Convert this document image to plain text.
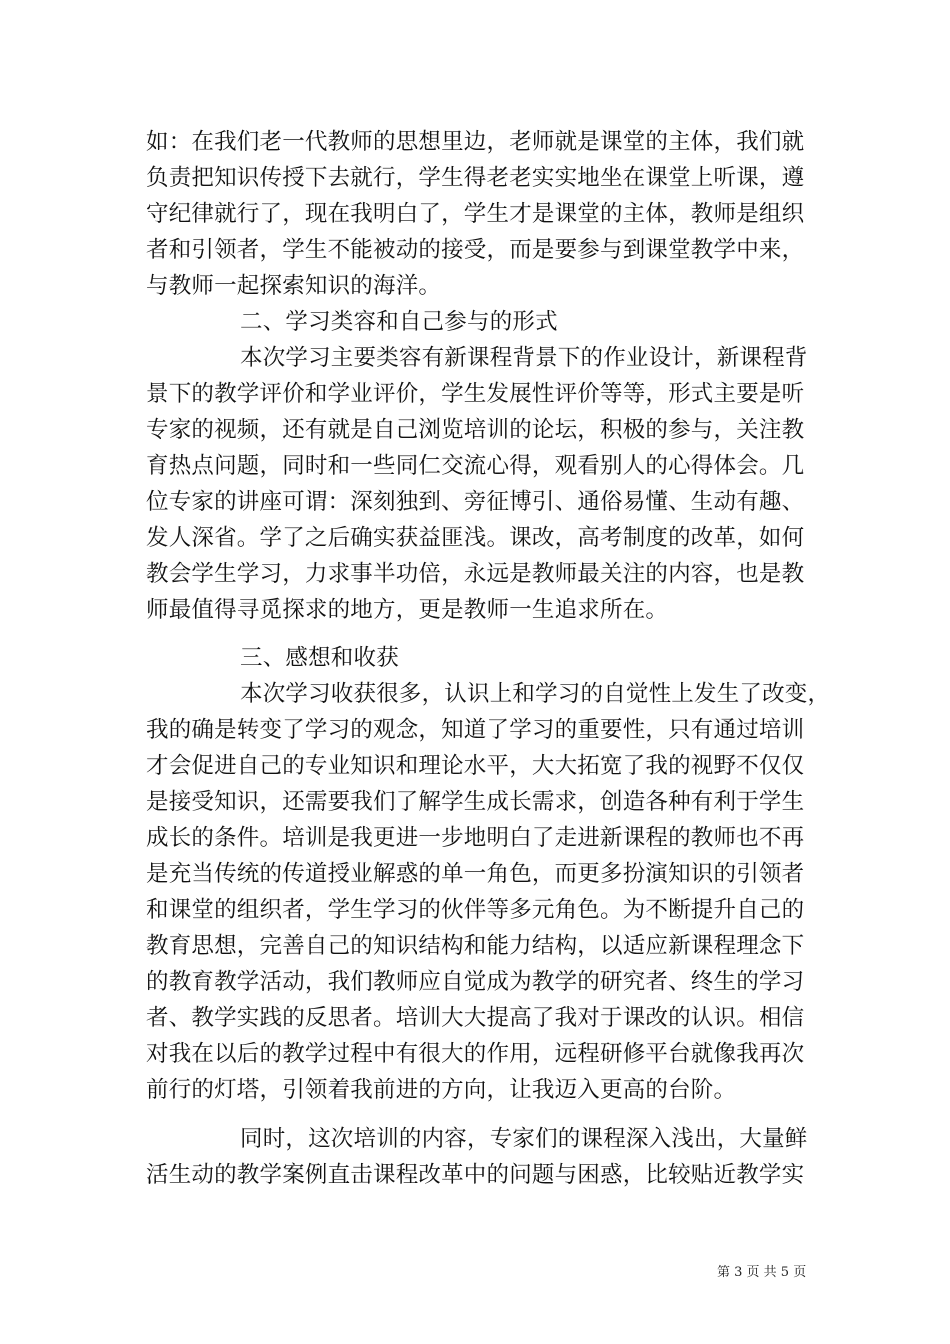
如：在我们老一代教师的思想里边，老师就是课堂的主体，我们就
负责把知识传授下去就行，学生得老老实实地坐在课堂上听课，遵
守纪律就行了，现在我明白了，学生才是课堂的主体，教师是组织
者和引领者，学生不能被动的接受，而是要参与到课堂教学中来，
与教师一起探索知识的海洋。
二、学习类容和自己参与的形式
本次学习主要类容有新课程背景下的作业设计，新课程背
景下的教学评价和学业评价，学生发展性评价等等，形式主要是听
专家的视频，还有就是自己浏览培训的论坛，积极的参与，关注教
育热点问题，同时和一些同仁交流心得，观看别人的心得体会。几
位专家的讲座可谓：深刻独到、旁征博引、通俗易懂、生动有趣、
发人深省。学了之后确实获益匪浅。课改，高考制度的改革，如何
教会学生学习，力求事半功倍，永远是教师最关注的内容，也是教
师最值得寻觅探求的地方，更是教师一生追求所在。
三、感想和收获
本次学习收获很多，认识上和学习的自觉性上发生了改变，
我的确是转变了学习的观念，知道了学习的重要性，只有通过培训
才会促进自己的专业知识和理论水平，大大拓宽了我的视野不仅仅
是接受知识，还需要我们了解学生成长需求，创造各种有利于学生
成长的条件。培训是我更进一步地明白了走进新课程的教师也不再
是充当传统的传道授业解惑的单一角色，而更多扮演知识的引领者
和课堂的组织者，学生学习的伙伴等多元角色。为不断提升自己的
教育思想，完善自己的知识结构和能力结构，以适应新课程理念下
的教育教学活动，我们教师应自觉成为教学的研究者、终生的学习
者、教学实践的反思者。培训大大提高了我对于课改的认识。相信
对我在以后的教学过程中有很大的作用，远程研修平台就像我再次
前行的灯塔，引领着我前进的方向，让我迈入更高的台阶。
同时，这次培训的内容，专家们的课程深入浅出，大量鲜
活生动的教学案例直击课程改革中的问题与困惑，比较贴近教学实
第 3 页 共 5 页
